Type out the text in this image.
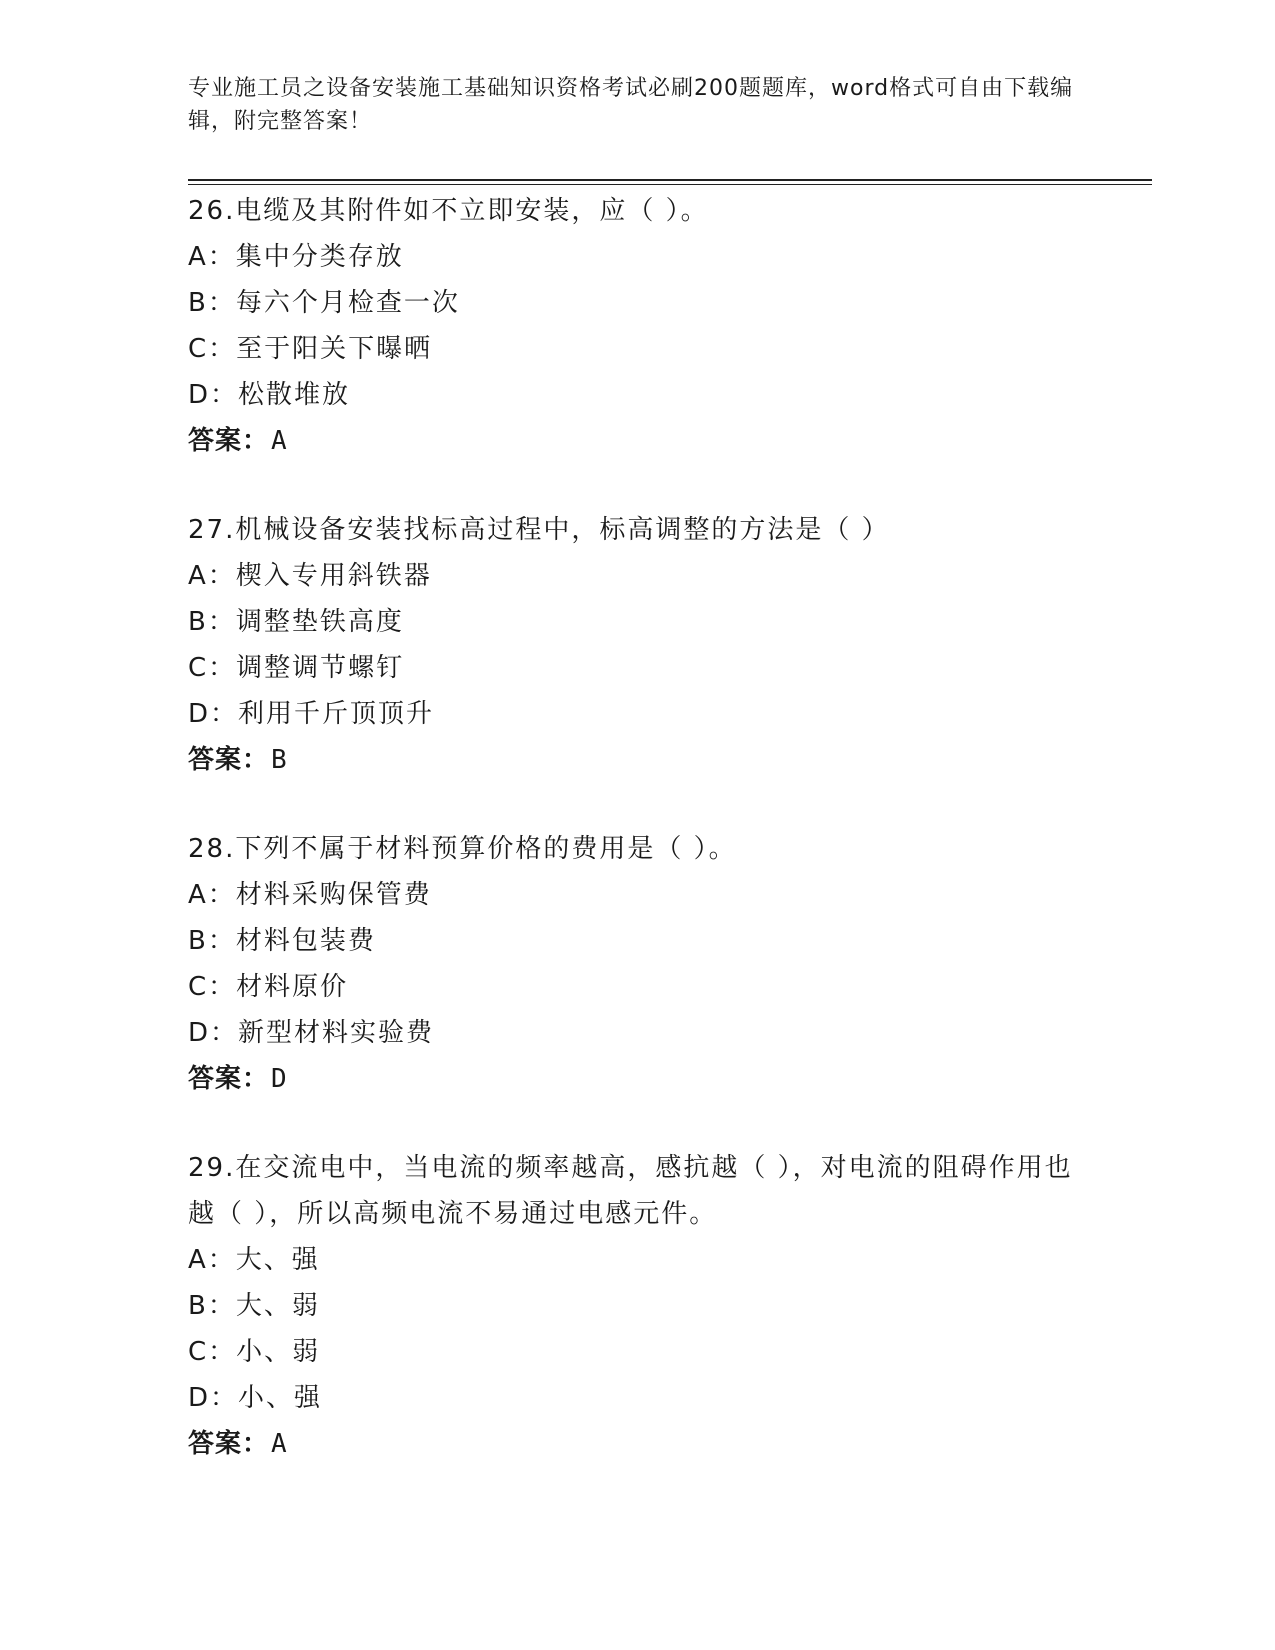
专业施工员之设备安装施工基础知识资格考试必刷200题题库，word格式可自由下载编辑，附完整答案！

26.电缆及其附件如不立即安装，应（ ）。

A：集中分类存放
B：每六个月检查一次
C：至于阳关下曝晒
D：松散堆放
答案：A

27.机械设备安装找标高过程中，标高调整的方法是（ ）

A：楔入专用斜铁器
B：调整垫铁高度
C：调整调节螺钉
D：利用千斤顶顶升
答案：B

28.下列不属于材料预算价格的费用是（ ）。

A：材料采购保管费
B：材料包装费
C：材料原价
D：新型材料实验费
答案：D

29.在交流电中，当电流的频率越高，感抗越（ ），对电流的阻碍作用也越（ ），所以高频电流不易通过电感元件。

A：大、强
B：大、弱
C：小、弱
D：小、强
答案：A
